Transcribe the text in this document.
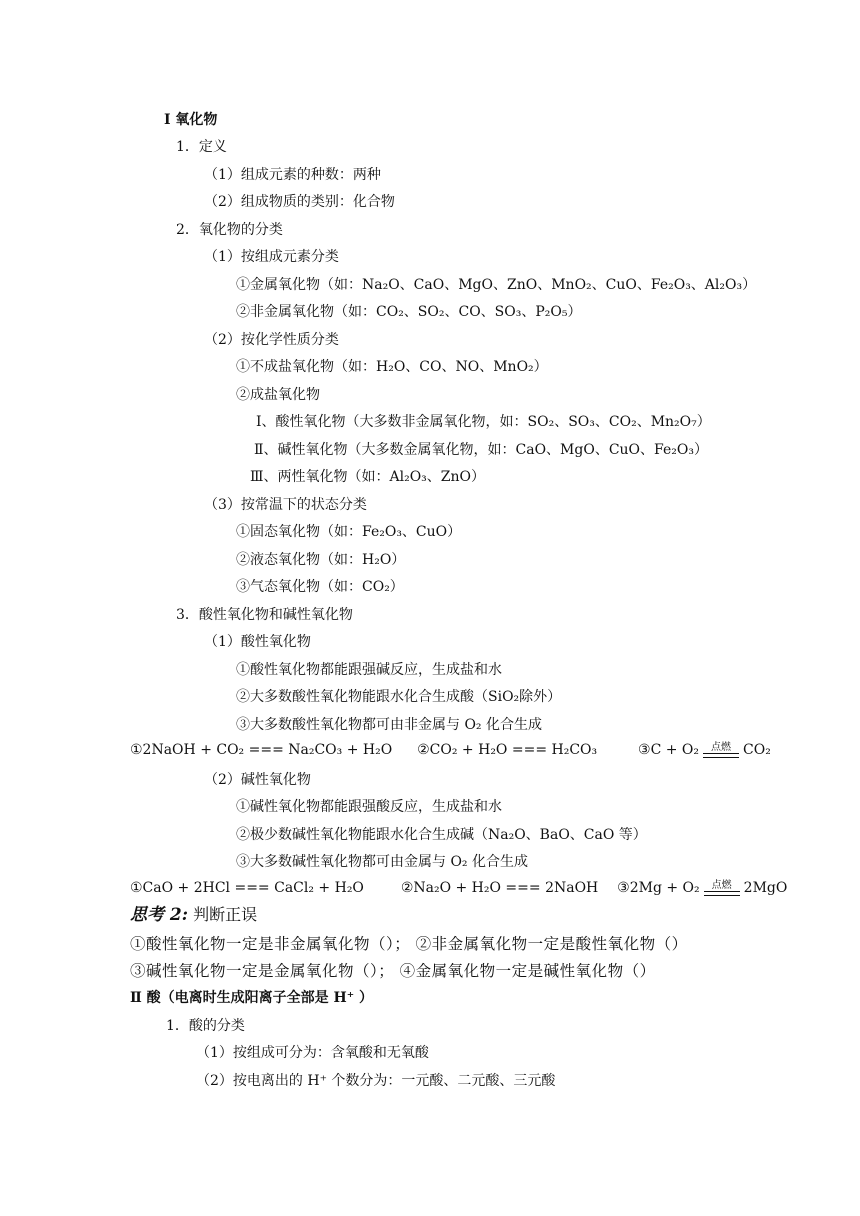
Ⅰ 氧化物
1．定义
（1）组成元素的种数：两种
（2）组成物质的类别：化合物
2．氧化物的分类
（1）按组成元素分类
①金属氧化物（如：Na₂O、CaO、MgO、ZnO、MnO₂、CuO、Fe₂O₃、Al₂O₃）
②非金属氧化物（如：CO₂、SO₂、CO、SO₃、P₂O₅）
（2）按化学性质分类
①不成盐氧化物（如：H₂O、CO、NO、MnO₂）
②成盐氧化物
Ⅰ、酸性氧化物（大多数非金属氧化物，如：SO₂、SO₃、CO₂、Mn₂O₇）
Ⅱ、碱性氧化物（大多数金属氧化物，如：CaO、MgO、CuO、Fe₂O₃）
Ⅲ、两性氧化物（如：Al₂O₃、ZnO）
（3）按常温下的状态分类
①固态氧化物（如：Fe₂O₃、CuO）
②液态氧化物（如：H₂O）
③气态氧化物（如：CO₂）
3．酸性氧化物和碱性氧化物
（1）酸性氧化物
①酸性氧化物都能跟强碱反应，生成盐和水
②大多数酸性氧化物能跟水化合生成酸（SiO₂除外）
③大多数酸性氧化物都可由非金属与 O₂ 化合生成
（2）碱性氧化物
①碱性氧化物都能跟强酸反应，生成盐和水
②极少数碱性氧化物能跟水化合生成碱（Na₂O、BaO、CaO 等）
③大多数碱性氧化物都可由金属与 O₂ 化合生成
①酸性氧化物一定是非金属氧化物（）； ②非金属氧化物一定是酸性氧化物（）
③碱性氧化物一定是金属氧化物（）； ④金属氧化物一定是碱性氧化物（）
Ⅱ 酸（电离时生成阳离子全部是 H⁺ ）
1．酸的分类
（1）按组成可分为：含氧酸和无氧酸
（2）按电离出的 H⁺ 个数分为：一元酸、二元酸、三元酸
①2NaOH + CO₂ === Na₂CO₃ + H₂O ②CO₂ + H₂O === H₂CO₃	③C + O₂ 点燃 CO₂
①CaO + 2HCl === CaCl₂ + H₂O	②Na₂O + H₂O === 2NaOH ③2Mg + O₂ 点燃 2MgO
思考 2: 判断正误
